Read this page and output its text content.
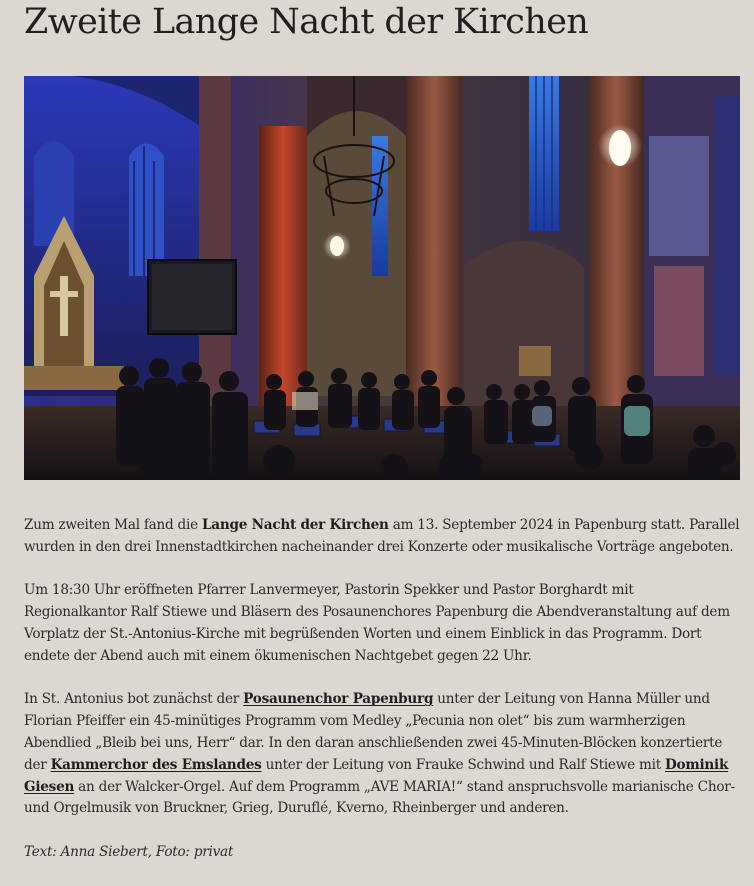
Zweite Lange Nacht der Kirchen

Zum zweiten Mal fand die Lange Nacht der Kirchen am 13. September 2024 in Papenburg statt. Parallel wurden in den drei Innenstadtkirchen nacheinander drei Konzerte oder musikalische Vorträge angeboten.

Um 18:30 Uhr eröffneten Pfarrer Lanvermeyer, Pastorin Spekker und Pastor Borghardt mit Regionalkantor Ralf Stiewe und Bläsern des Posaunenchores Papenburg die Abendveranstaltung auf dem Vorplatz der St.-Antonius-Kirche mit begrüßenden Worten und einem Einblick in das Programm. Dort endete der Abend auch mit einem ökumenischen Nachtgebet gegen 22 Uhr.

In St. Antonius bot zunächst der Posaunenchor Papenburg unter der Leitung von Hanna Müller und Florian Pfeiffer ein 45-minütiges Programm vom Medley „Pecunia non olet“ bis zum warmherzigen Abendlied „Bleib bei uns, Herr“ dar. In den daran anschließenden zwei 45-Minuten-Blöcken konzertierte der Kammerchor des Emslandes unter der Leitung von Frauke Schwind und Ralf Stiewe mit Dominik Giesen an der Walcker-Orgel. Auf dem Programm „AVE MARIA!“ stand anspruchsvolle marianische Chor- und Orgelmusik von Bruckner, Grieg, Duruflé, Kverno, Rheinberger und anderen.

Text: Anna Siebert, Foto: privat
